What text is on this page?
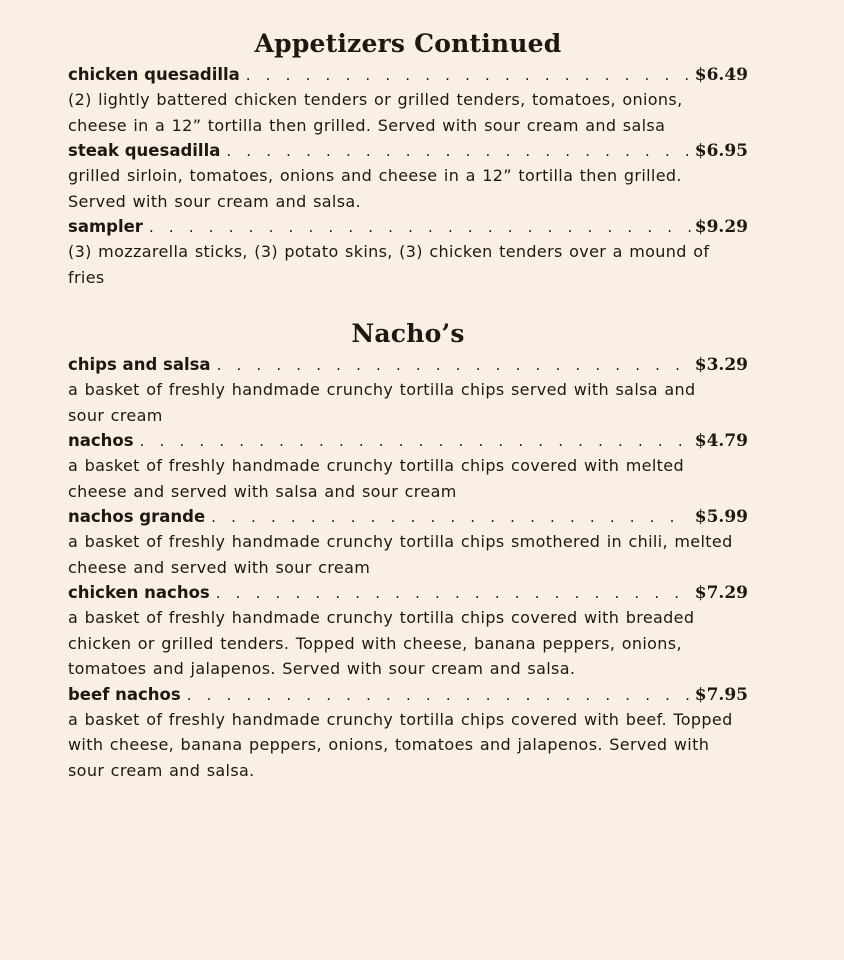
Appetizers Continued
chicken quesadilla . . .	$6.49

(2) lightly battered chicken tenders or grilled tenders, tomatoes, onions, cheese in a 12” tortilla then grilled. Served with sour cream and salsa

steak quesadilla . . .	$6.95

grilled sirloin, tomatoes, onions and cheese in a 12” tortilla then grilled. Served with sour cream and salsa.

sampler . . .	$9.29

(3) mozzarella sticks, (3) potato skins, (3) chicken tenders over a mound of fries

Nacho’s
chips and salsa . . .	$3.29

a basket of freshly handmade crunchy tortilla chips served with salsa and sour cream

nachos . . .	$4.79

a basket of freshly handmade crunchy tortilla chips covered with melted cheese and served with salsa and sour cream

nachos grande . . .	$5.99

a basket of freshly handmade crunchy tortilla chips smothered in chili, melted cheese and served with sour cream

chicken nachos . . .	$7.29

a basket of freshly handmade crunchy tortilla chips covered with breaded chicken or grilled tenders. Topped with cheese, banana peppers, onions, tomatoes and jalapenos. Served with sour cream and salsa.

beef nachos . . .	$7.95

a basket of freshly handmade crunchy tortilla chips covered with beef. Topped with cheese, banana peppers, onions, tomatoes and jalapenos. Served with sour cream and salsa.
